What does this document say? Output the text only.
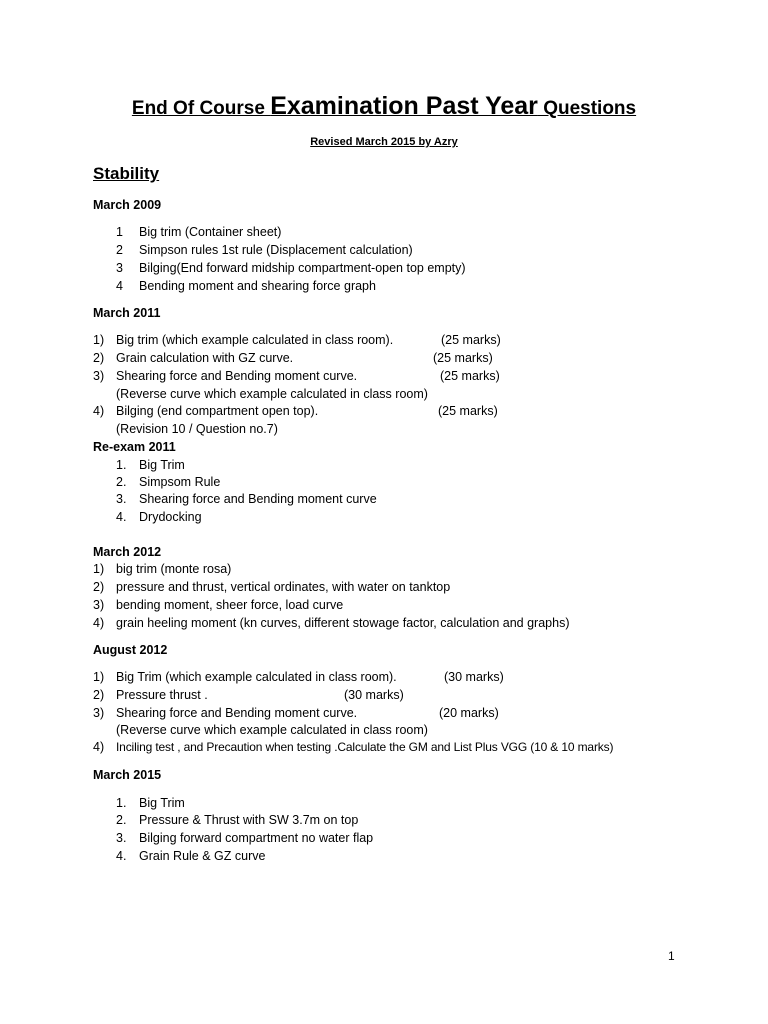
End Of Course Examination Past Year Questions
Revised March 2015 by Azry
Stability
March 2009
1 Big trim (Container sheet)
2 Simpson rules 1st rule (Displacement calculation)
3 Bilging(End forward midship compartment-open top empty)
4 Bending moment and shearing force graph
March 2011
1) Big trim (which example calculated in class room).	(25 marks)
2) Grain calculation with GZ curve.	(25 marks)
3) Shearing force and Bending moment curve.	(25 marks)
(Reverse curve which example calculated in class room)
4) Bilging (end compartment open top).	(25 marks)
(Revision 10 / Question no.7)
Re-exam 2011
1. Big Trim
2. Simpsom Rule
3. Shearing force and Bending moment curve
4. Drydocking
March 2012
1) big trim (monte rosa)
2) pressure and thrust, vertical ordinates, with water on tanktop
3) bending moment, sheer force, load curve
4) grain heeling moment (kn curves, different stowage factor, calculation and graphs)
August 2012
1) Big Trim (which example calculated in class room).	(30 marks)
2) Pressure thrust .	(30 marks)
3) Shearing force and Bending moment curve.	(20 marks)
(Reverse curve which example calculated in class room)
4) Inciling test , and Precaution when testing .Calculate the GM and List Plus VGG (10 & 10 marks)
March 2015
1. Big Trim
2. Pressure & Thrust with SW 3.7m on top
3. Bilging forward compartment no water flap
4. Grain Rule & GZ curve
1
